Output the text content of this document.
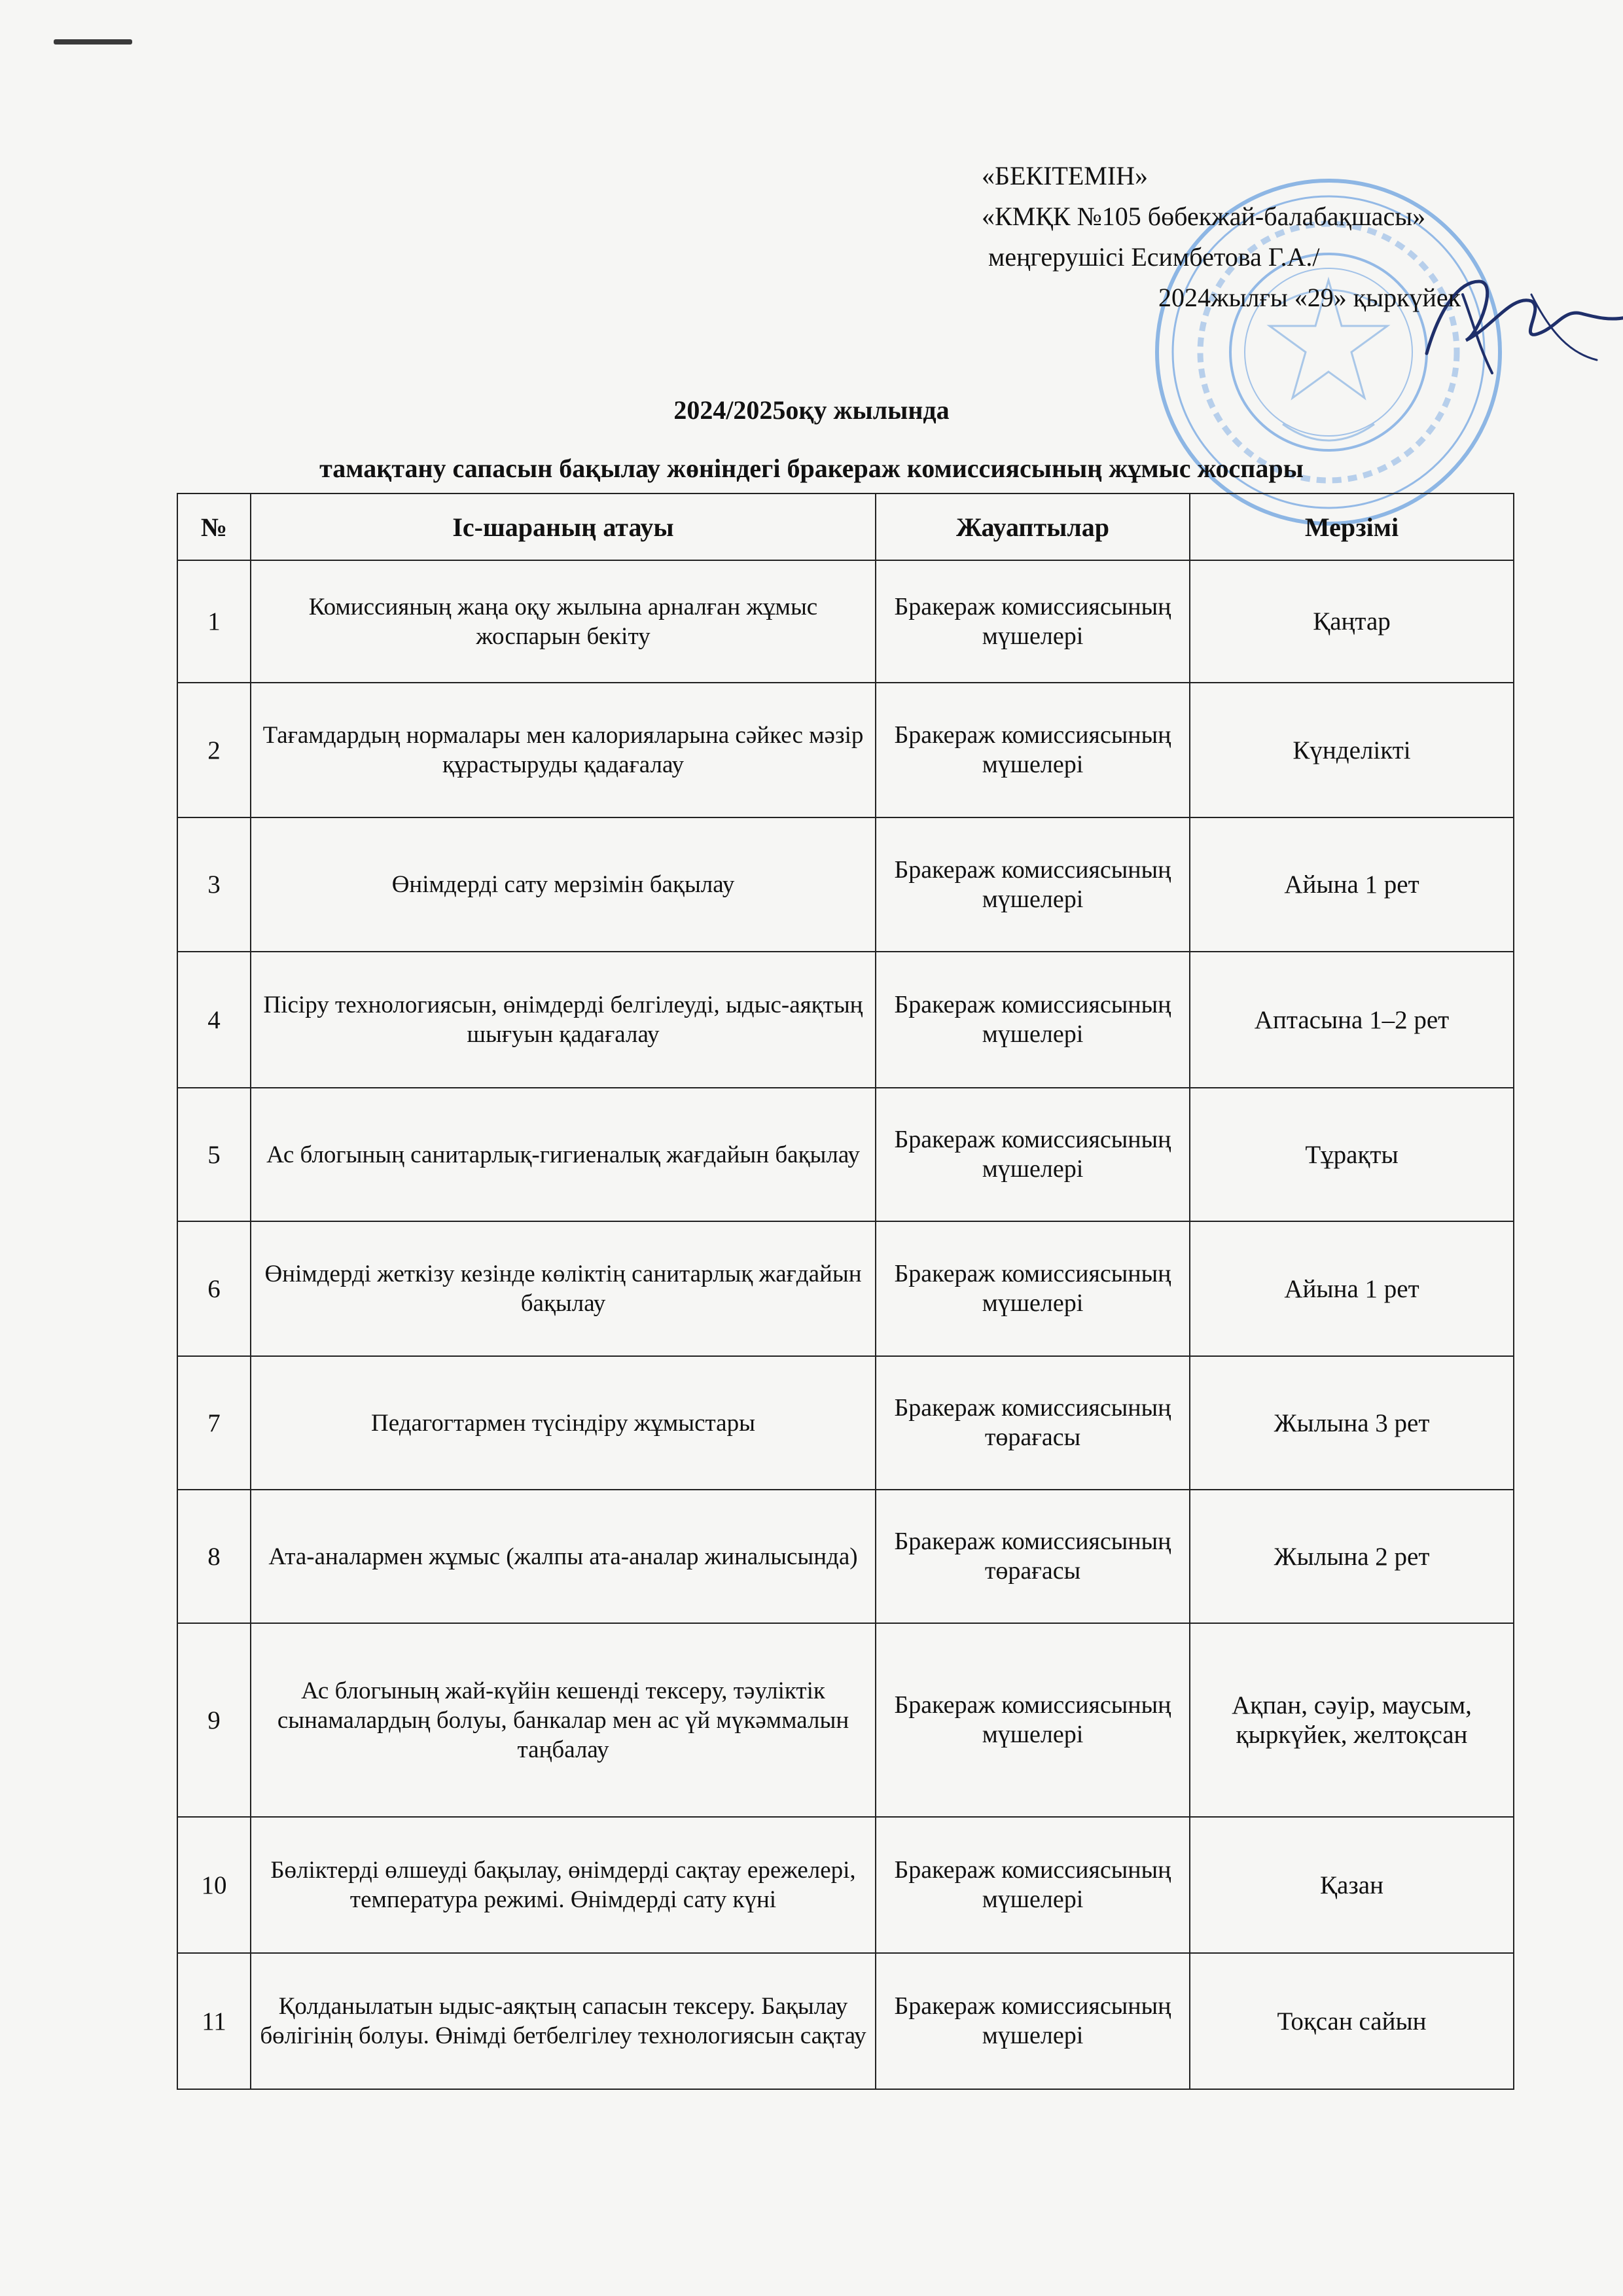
«БЕКІТЕМІН»
«КМҚК №105 бөбекжай-балабақшасы»
меңгерушісі Есимбетова Г.А./
2024жылғы «29» қыркүйек
2024/2025оқу жылында
тамақтану сапасын бақылау жөніндегі бракераж комиссиясының жұмыс жоспары
№	Іс-шараның атауы	Жауаптылар	Мерзімі
1	Комиссияның жаңа оқу жылына арналған жұмыс жоспарын бекіту	Бракераж комиссиясының мүшелері	Қаңтар
2	Тағамдардың нормалары мен калорияларына сәйкес мәзір құрастыруды қадағалау	Бракераж комиссиясының мүшелері	Күнделікті
3	Өнімдерді сату мерзімін бақылау	Бракераж комиссиясының мүшелері	Айына 1 рет
4	Пісіру технологиясын, өнімдерді белгілеуді, ыдыс-аяқтың шығуын қадағалау	Бракераж комиссиясының мүшелері	Аптасына 1–2 рет
5	Ас блогының санитарлық-гигиеналық жағдайын бақылау	Бракераж комиссиясының мүшелері	Тұрақты
6	Өнімдерді жеткізу кезінде көліктің санитарлық жағдайын бақылау	Бракераж комиссиясының мүшелері	Айына 1 рет
7	Педагогтармен түсіндіру жұмыстары	Бракераж комиссиясының төрағасы	Жылына 3 рет
8	Ата-аналармен жұмыс (жалпы ата-аналар жиналысында)	Бракераж комиссиясының төрағасы	Жылына 2 рет
9	Ас блогының жай-күйін кешенді тексеру, тәуліктік сынамалардың болуы, банкалар мен ас үй мүкәммалын таңбалау	Бракераж комиссиясының мүшелері	Ақпан, сәуір, маусым, қыркүйек, желтоқсан
10	Бөліктерді өлшеуді бақылау, өнімдерді сақтау ережелері, температура режимі. Өнімдерді сату күні	Бракераж комиссиясының мүшелері	Қазан
11	Қолданылатын ыдыс-аяқтың сапасын тексеру. Бақылау бөлігінің болуы. Өнімді бетбелгілеу технологиясын сақтау	Бракераж комиссиясының мүшелері	Тоқсан сайын
